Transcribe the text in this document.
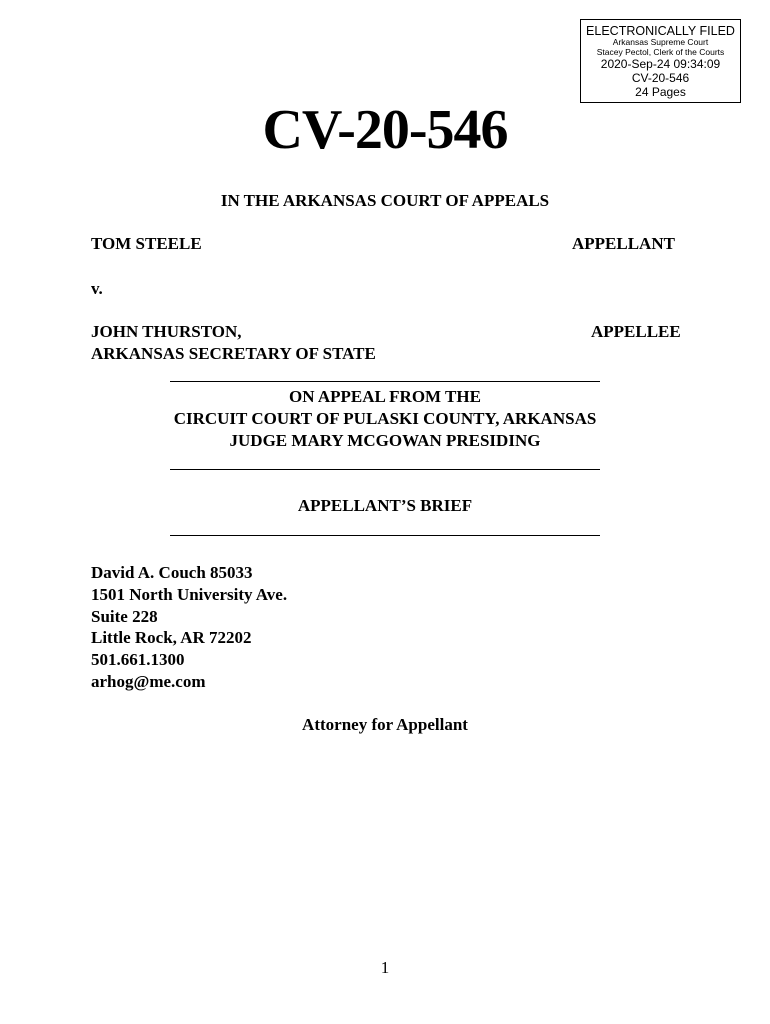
ELECTRONICALLY FILED
Arkansas Supreme Court
Stacey Pectol, Clerk of the Courts
2020-Sep-24 09:34:09
CV-20-546
24 Pages
CV-20-546
IN THE ARKANSAS COURT OF APPEALS
TOM STEELE	APPELLANT
v.
JOHN THURSTON,	APPELLEE
ARKANSAS SECRETARY OF STATE
ON APPEAL FROM THE
CIRCUIT COURT OF PULASKI COUNTY, ARKANSAS
JUDGE MARY MCGOWAN PRESIDING
APPELLANT’S BRIEF
David A. Couch 85033
1501 North University Ave.
Suite 228
Little Rock, AR 72202
501.661.1300
arhog@me.com
Attorney for Appellant
1
